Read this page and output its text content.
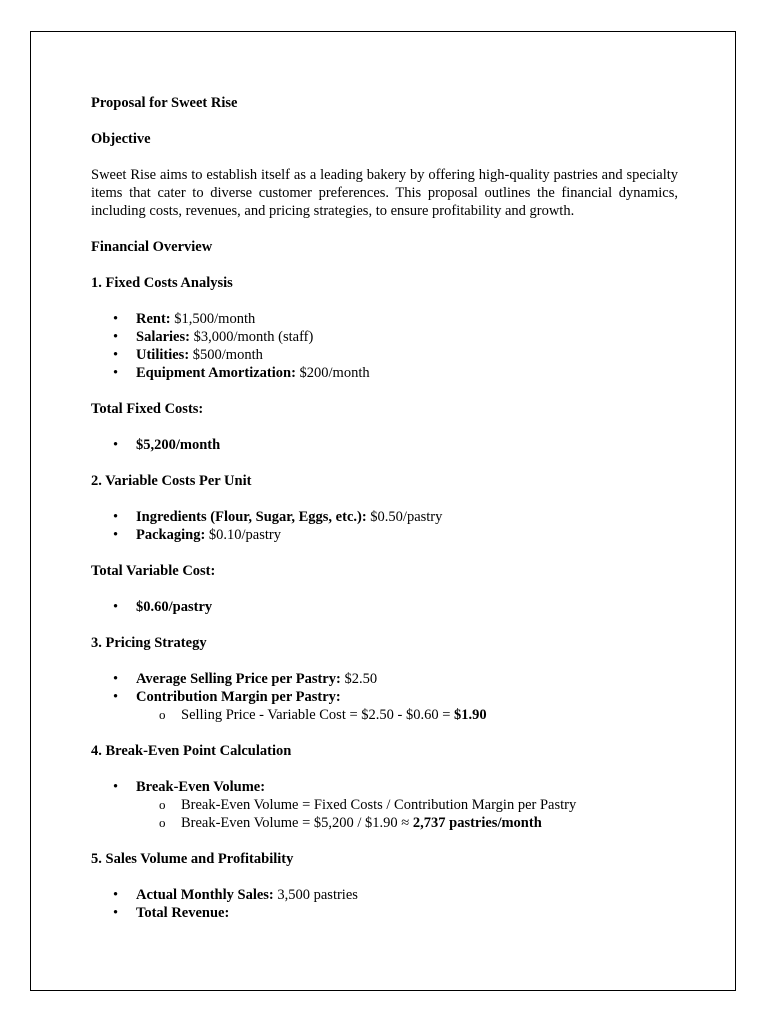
Proposal for Sweet Rise
Objective
Sweet Rise aims to establish itself as a leading bakery by offering high-quality pastries and specialty items that cater to diverse customer preferences. This proposal outlines the financial dynamics, including costs, revenues, and pricing strategies, to ensure profitability and growth.
Financial Overview
1. Fixed Costs Analysis
• Rent: $1,500/month
• Salaries: $3,000/month (staff)
• Utilities: $500/month
• Equipment Amortization: $200/month
Total Fixed Costs:
• $5,200/month
2. Variable Costs Per Unit
• Ingredients (Flour, Sugar, Eggs, etc.): $0.50/pastry
• Packaging: $0.10/pastry
Total Variable Cost:
• $0.60/pastry
3. Pricing Strategy
• Average Selling Price per Pastry: $2.50
• Contribution Margin per Pastry:
o Selling Price - Variable Cost = $2.50 - $0.60 = $1.90
4. Break-Even Point Calculation
• Break-Even Volume:
o Break-Even Volume = Fixed Costs / Contribution Margin per Pastry
o Break-Even Volume = $5,200 / $1.90 ≈ 2,737 pastries/month
5. Sales Volume and Profitability
• Actual Monthly Sales: 3,500 pastries
• Total Revenue:
